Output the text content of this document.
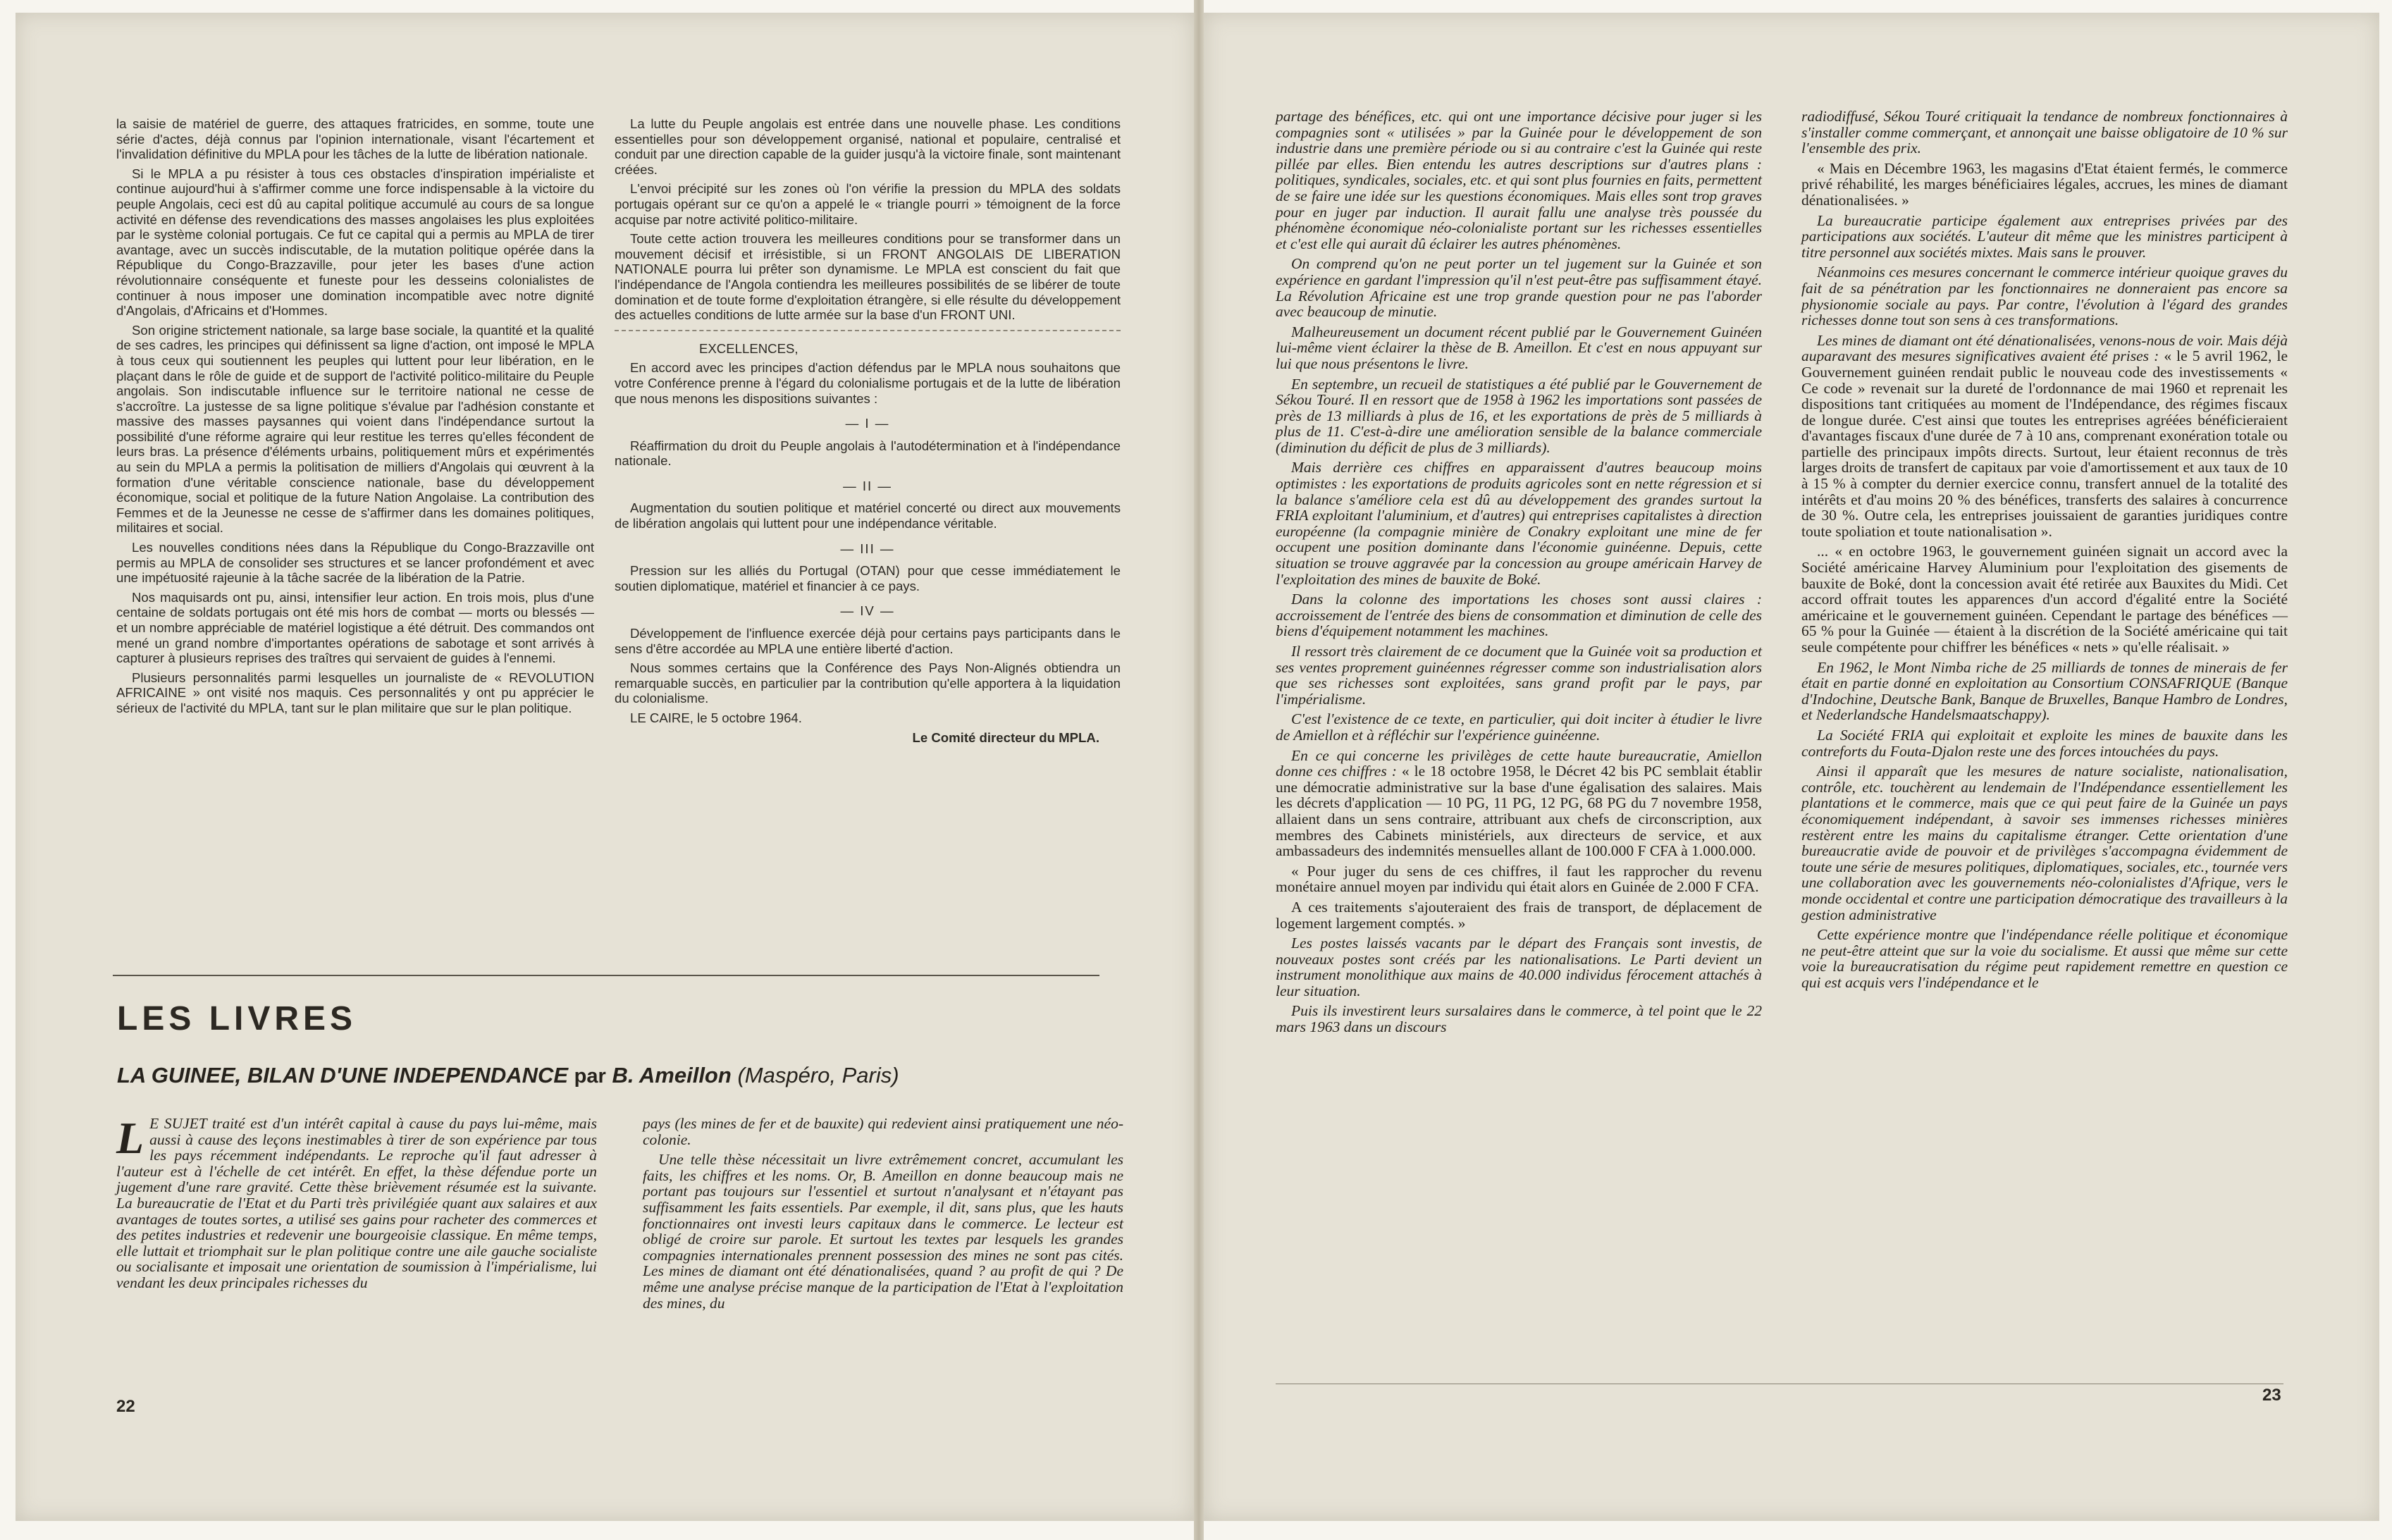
la saisie de matériel de guerre, des attaques fratricides, en somme, toute une série d'actes, déjà connus par l'opinion internationale, visant l'écartement et l'invalidation définitive du MPLA pour les tâches de la lutte de libération nationale.

Si le MPLA a pu résister à tous ces obstacles d'inspiration impérialiste et continue aujourd'hui à s'affirmer comme une force indispensable à la victoire du peuple Angolais, ceci est dû au capital politique accumulé au cours de sa longue activité en défense des revendications des masses angolaises les plus exploitées par le système colonial portugais. Ce fut ce capital qui a permis au MPLA de tirer avantage, avec un succès indiscutable, de la mutation politique opérée dans la République du Congo-Brazzaville, pour jeter les bases d'une action révolutionnaire conséquente et funeste pour les desseins colonialistes de continuer à nous imposer une domination incompatible avec notre dignité d'Angolais, d'Africains et d'Hommes.

Son origine strictement nationale, sa large base sociale, la quantité et la qualité de ses cadres, les principes qui définissent sa ligne d'action, ont imposé le MPLA à tous ceux qui soutiennent les peuples qui luttent pour leur libération, en le plaçant dans le rôle de guide et de support de l'activité politico-militaire du Peuple angolais. Son indiscutable influence sur le territoire national ne cesse de s'accroître. La justesse de sa ligne politique s'évalue par l'adhésion constante et massive des masses paysannes qui voient dans l'indépendance surtout la possibilité d'une réforme agraire qui leur restitue les terres qu'elles fécondent de leurs bras. La présence d'éléments urbains, politiquement mûrs et expérimentés au sein du MPLA a permis la politisation de milliers d'Angolais qui œuvrent à la formation d'une véritable conscience nationale, base du développement économique, social et politique de la future Nation Angolaise. La contribution des Femmes et de la Jeunesse ne cesse de s'affirmer dans les domaines politiques, militaires et social.

Les nouvelles conditions nées dans la République du Congo-Brazzaville ont permis au MPLA de consolider ses structures et se lancer profondément et avec une impétuosité rajeunie à la tâche sacrée de la libération de la Patrie.

Nos maquisards ont pu, ainsi, intensifier leur action. En trois mois, plus d'une centaine de soldats portugais ont été mis hors de combat — morts ou blessés — et un nombre appréciable de matériel logistique a été détruit. Des commandos ont mené un grand nombre d'importantes opérations de sabotage et sont arrivés à capturer à plusieurs reprises des traîtres qui servaient de guides à l'ennemi.

Plusieurs personnalités parmi lesquelles un journaliste de « REVOLUTION AFRICAINE » ont visité nos maquis. Ces personnalités y ont pu apprécier le sérieux de l'activité du MPLA, tant sur le plan militaire que sur le plan politique.

La lutte du Peuple angolais est entrée dans une nouvelle phase. Les conditions essentielles pour son développement organisé, national et populaire, centralisé et conduit par une direction capable de la guider jusqu'à la victoire finale, sont maintenant créées.

L'envoi précipité sur les zones où l'on vérifie la pression du MPLA des soldats portugais opérant sur ce qu'on a appelé le « triangle pourri » témoignent de la force acquise par notre activité politico-militaire.

Toute cette action trouvera les meilleures conditions pour se transformer dans un mouvement décisif et irrésistible, si un FRONT ANGOLAIS DE LIBERATION NATIONALE pourra lui prêter son dynamisme. Le MPLA est conscient du fait que l'indépendance de l'Angola contiendra les meilleures possibilités de se libérer de toute domination et de toute forme d'exploitation étrangère, si elle résulte du développement des actuelles conditions de lutte armée sur la base d'un FRONT UNI.

EXCELLENCES,

En accord avec les principes d'action défendus par le MPLA nous souhaitons que votre Conférence prenne à l'égard du colonialisme portugais et de la lutte de libération que nous menons les dispositions suivantes :

— I —

Réaffirmation du droit du Peuple angolais à l'autodétermination et à l'indépendance nationale.

— II —

Augmentation du soutien politique et matériel concerté ou direct aux mouvements de libération angolais qui luttent pour une indépendance véritable.

— III —

Pression sur les alliés du Portugal (OTAN) pour que cesse immédiatement le soutien diplomatique, matériel et financier à ce pays.

— IV —

Développement de l'influence exercée déjà pour certains pays participants dans le sens d'être accordée au MPLA une entière liberté d'action.

Nous sommes certains que la Conférence des Pays Non-Alignés obtiendra un remarquable succès, en particulier par la contribution qu'elle apportera à la liquidation du colonialisme.

LE CAIRE, le 5 octobre 1964.

Le Comité directeur du MPLA.

LES LIVRES
LA GUINEE, BILAN D'UNE INDEPENDANCE par B. Ameillon (Maspéro, Paris)

L E SUJET traité est d'un intérêt capital à cause du pays lui-même, mais aussi à cause des leçons inestimables à tirer de son expérience par tous les pays récemment indépendants. Le reproche qu'il faut adresser à l'auteur est à l'échelle de cet intérêt. En effet, la thèse défendue porte un jugement d'une rare gravité. Cette thèse brièvement résumée est la suivante. La bureaucratie de l'Etat et du Parti très privilégiée quant aux salaires et aux avantages de toutes sortes, a utilisé ses gains pour racheter des commerces et des petites industries et redevenir une bourgeoisie classique. En même temps, elle luttait et triomphait sur le plan politique contre une aile gauche socialiste ou socialisante et imposait une orientation de soumission à l'impérialisme, lui vendant les deux principales richesses du

pays (les mines de fer et de bauxite) qui redevient ainsi pratiquement une néo-colonie.

Une telle thèse nécessitait un livre extrêmement concret, accumulant les faits, les chiffres et les noms. Or, B. Ameillon en donne beaucoup mais ne portant pas toujours sur l'essentiel et surtout n'analysant et n'étayant pas suffisamment les faits essentiels. Par exemple, il dit, sans plus, que les hauts fonctionnaires ont investi leurs capitaux dans le commerce. Le lecteur est obligé de croire sur parole. Et surtout les textes par lesquels les grandes compagnies internationales prennent possession des mines ne sont pas cités. Les mines de diamant ont été dénationalisées, quand ? au profit de qui ? De même une analyse précise manque de la participation de l'Etat à l'exploitation des mines, du

22

partage des bénéfices, etc. qui ont une importance décisive pour juger si les compagnies sont « utilisées » par la Guinée pour le développement de son industrie dans une première période ou si au contraire c'est la Guinée qui reste pillée par elles. Bien entendu les autres descriptions sur d'autres plans : politiques, syndicales, sociales, etc. et qui sont plus fournies en faits, permettent de se faire une idée sur les questions économiques. Mais elles sont trop graves pour en juger par induction. Il aurait fallu une analyse très poussée du phénomène économique néo-colonialiste portant sur les richesses essentielles et c'est elle qui aurait dû éclairer les autres phénomènes.

On comprend qu'on ne peut porter un tel jugement sur la Guinée et son expérience en gardant l'impression qu'il n'est peut-être pas suffisamment étayé. La Révolution Africaine est une trop grande question pour ne pas l'aborder avec beaucoup de minutie.

Malheureusement un document récent publié par le Gouvernement Guinéen lui-même vient éclairer la thèse de B. Ameillon. Et c'est en nous appuyant sur lui que nous présentons le livre.

En septembre, un recueil de statistiques a été publié par le Gouvernement de Sékou Touré. Il en ressort que de 1958 à 1962 les importations sont passées de près de 13 milliards à plus de 16, et les exportations de près de 5 milliards à plus de 11. C'est-à-dire une amélioration sensible de la balance commerciale (diminution du déficit de plus de 3 milliards).

Mais derrière ces chiffres en apparaissent d'autres beaucoup moins optimistes : les exportations de produits agricoles sont en nette régression et si la balance s'améliore cela est dû au développement des grandes surtout la FRIA exploitant l'aluminium, et d'autres) qui entreprises capitalistes à direction européenne (la compagnie minière de Conakry exploitant une mine de fer occupent une position dominante dans l'économie guinéenne. Depuis, cette situation se trouve aggravée par la concession au groupe américain Harvey de l'exploitation des mines de bauxite de Boké.

Dans la colonne des importations les choses sont aussi claires : accroissement de l'entrée des biens de consommation et diminution de celle des biens d'équipement notamment les machines.

Il ressort très clairement de ce document que la Guinée voit sa production et ses ventes proprement guinéennes régresser comme son industrialisation alors que ses richesses sont exploitées, sans grand profit par le pays, par l'impérialisme.

C'est l'existence de ce texte, en particulier, qui doit inciter à étudier le livre de Amiellon et à réfléchir sur l'expérience guinéenne.

En ce qui concerne les privilèges de cette haute bureaucratie, Amiellon donne ces chiffres : « le 18 octobre 1958, le Décret 42 bis PC semblait établir une démocratie administrative sur la base d'une égalisation des salaires. Mais les décrets d'application — 10 PG, 11 PG, 12 PG, 68 PG du 7 novembre 1958, allaient dans un sens contraire, attribuant aux chefs de circonscription, aux membres des Cabinets ministériels, aux directeurs de service, et aux ambassadeurs des indemnités mensuelles allant de 100.000 F CFA à 1.000.000.

« Pour juger du sens de ces chiffres, il faut les rapprocher du revenu monétaire annuel moyen par individu qui était alors en Guinée de 2.000 F CFA.

A ces traitements s'ajouteraient des frais de transport, de déplacement de logement largement comptés. »

Les postes laissés vacants par le départ des Français sont investis, de nouveaux postes sont créés par les nationalisations. Le Parti devient un instrument monolithique aux mains de 40.000 individus férocement attachés à leur situation.

Puis ils investirent leurs sursalaires dans le commerce, à tel point que le 22 mars 1963 dans un discours

radiodiffusé, Sékou Touré critiquait la tendance de nombreux fonctionnaires à s'installer comme commerçant, et annonçait une baisse obligatoire de 10 % sur l'ensemble des prix.

« Mais en Décembre 1963, les magasins d'Etat étaient fermés, le commerce privé réhabilité, les marges bénéficiaires légales, accrues, les mines de diamant dénationalisées. »

La bureaucratie participe également aux entreprises privées par des participations aux sociétés. L'auteur dit même que les ministres participent à titre personnel aux sociétés mixtes. Mais sans le prouver.

Néanmoins ces mesures concernant le commerce intérieur quoique graves du fait de sa pénétration par les fonctionnaires ne donneraient pas encore sa physionomie sociale au pays. Par contre, l'évolution à l'égard des grandes richesses donne tout son sens à ces transformations.

Les mines de diamant ont été dénationalisées, venons-nous de voir. Mais déjà auparavant des mesures significatives avaient été prises : « le 5 avril 1962, le Gouvernement guinéen rendait public le nouveau code des investissements « Ce code » revenait sur la dureté de l'ordonnance de mai 1960 et reprenait les dispositions tant critiquées au moment de l'Indépendance, des régimes fiscaux de longue durée. C'est ainsi que toutes les entreprises agréées bénéficieraient d'avantages fiscaux d'une durée de 7 à 10 ans, comprenant exonération totale ou partielle des principaux impôts directs. Surtout, leur étaient reconnus de très larges droits de transfert de capitaux par voie d'amortissement et aux taux de 10 à 15 % à compter du dernier exercice connu, transfert annuel de la totalité des intérêts et d'au moins 20 % des bénéfices, transferts des salaires à concurrence de 30 %. Outre cela, les entreprises jouissaient de garanties juridiques contre toute spoliation et toute nationalisation ».

... « en octobre 1963, le gouvernement guinéen signait un accord avec la Société américaine Harvey Aluminium pour l'exploitation des gisements de bauxite de Boké, dont la concession avait été retirée aux Bauxites du Midi. Cet accord offrait toutes les apparences d'un accord d'égalité entre la Société américaine et le gouvernement guinéen. Cependant le partage des bénéfices — 65 % pour la Guinée — étaient à la discrétion de la Société américaine qui tait seule compétente pour chiffrer les bénéfices « nets » qu'elle réalisait. »

En 1962, le Mont Nimba riche de 25 milliards de tonnes de minerais de fer était en partie donné en exploitation au Consortium CONSAFRIQUE (Banque d'Indochine, Deutsche Bank, Banque de Bruxelles, Banque Hambro de Londres, et Nederlandsche Handelsmaatschappy).

La Société FRIA qui exploitait et exploite les mines de bauxite dans les contreforts du Fouta-Djalon reste une des forces intouchées du pays.

Ainsi il apparaît que les mesures de nature socialiste, nationalisation, contrôle, etc. touchèrent au lendemain de l'Indépendance essentiellement les plantations et le commerce, mais que ce qui peut faire de la Guinée un pays économiquement indépendant, à savoir ses immenses richesses minières restèrent entre les mains du capitalisme étranger. Cette orientation d'une bureaucratie avide de pouvoir et de privilèges s'accompagna évidemment de toute une série de mesures politiques, diplomatiques, sociales, etc., tournée vers une collaboration avec les gouvernements néo-colonialistes d'Afrique, vers le monde occidental et contre une participation démocratique des travailleurs à la gestion administrative

Cette expérience montre que l'indépendance réelle politique et économique ne peut-être atteint que sur la voie du socialisme. Et aussi que même sur cette voie la bureaucratisation du régime peut rapidement remettre en question ce qui est acquis vers l'indépendance et le

23
